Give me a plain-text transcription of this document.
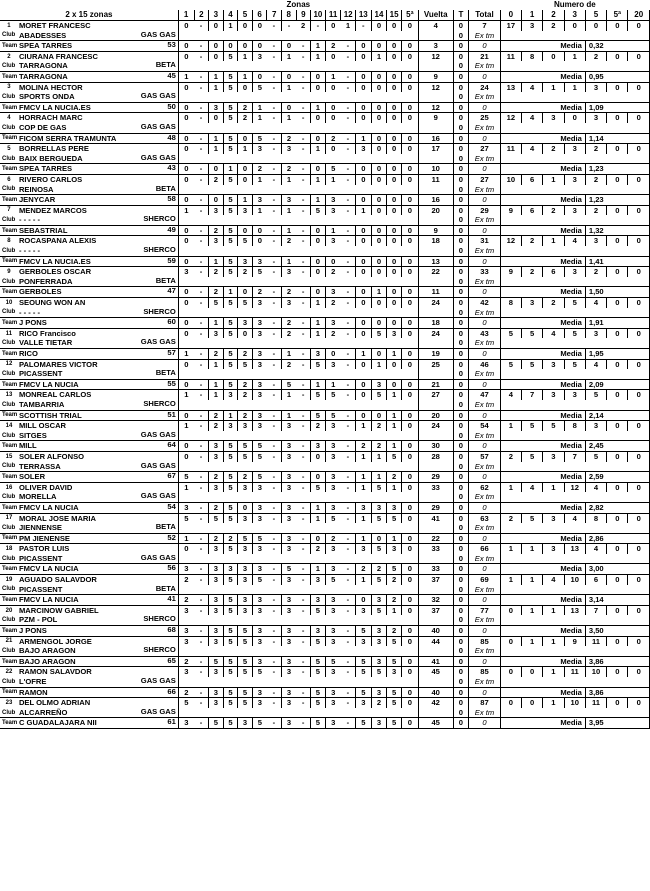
		Zonas																			Numero de						
2 x 15 zonas		1	2	3	4	5	6	7	8	9	10	11	12	13	14	15	5ª	Vuelta	T	Total	0	1	2	3	5	5ª	20
1	MORET FRANCESC	0	-	0	1	0	0	-	-	2	-	0	1	-	0	0	0	4	0	7	17	3	2	0	0	0	0
Club	ABADESSES GAS GAS																		0	Ex tm							
Team	SPEA TARRES 53	0	-	0	0	0	0	-	0	-	1	2	-	0	0	0	0	3	0	0	Media				0,32		
2	CIURANA FRANCESC	0	-	0	5	1	3	-	1	-	1	0	-	0	1	0	0	12	0	21	11	8	0	1	2	0	0
Club	TARRAGONA BETA																		0	Ex tm							
Team	TARRAGONA 45	1	-	1	5	1	0	-	0	-	0	1	-	0	0	0	0	9	0	0	Media				0,95		
3	MOLINA HECTOR	0	-	1	5	0	5	-	1	-	0	0	-	0	0	0	0	12	0	24	13	4	1	1	3	0	0
Club	SPORTS ONDA GAS GAS																		0	Ex tm							
Team	FMCV LA NUCIA.ES 50	0	-	3	5	2	1	-	0	-	1	0	-	0	0	0	0	12	0	0	Media				1,09		
4	HORRACH MARC	0	-	0	5	2	1	-	1	-	0	0	-	0	0	0	0	9	0	25	12	4	3	0	3	0	0
Club	COP DE GAS GAS GAS																		0	Ex tm							
Team	FICOM SERRA TRAMUNTA 48	0	-	1	5	0	5	-	2	-	0	2	-	1	0	0	0	16	0	0	Media				1,14		
5	BORRELLAS PERE	0	-	1	5	1	3	-	3	-	1	0	-	3	0	0	0	17	0	27	11	4	2	3	2	0	0
Club	BAIX BERGUEDA GAS GAS																		0	Ex tm							
Team	SPEA TARRES 43	0	-	0	1	0	2	-	2	-	0	5	-	0	0	0	0	10	0	0	Media				1,23		
6	RIVERO CARLOS	0	-	2	5	0	1	-	1	-	1	1	-	0	0	0	0	11	0	27	10	6	1	3	2	0	0
Club	REINOSA BETA																		0	Ex tm							
Team	JENYCAR 58	0	-	0	5	1	3	-	3	-	1	3	-	0	0	0	0	16	0	0	Media				1,23		
7	MENDEZ MARCOS	1	-	3	5	3	1	-	1	-	5	3	-	1	0	0	0	20	0	29	9	6	2	3	2	0	0
Club	- - - - - SHERCO																		0	Ex tm							
Team	SEBASTRIAL 49	0	-	2	5	0	0	-	1	-	0	1	-	0	0	0	0	9	0	0	Media				1,32		
8	ROCASPANA ALEXIS	0	-	3	5	5	0	-	2	-	0	3	-	0	0	0	0	18	0	31	12	2	1	4	3	0	0
Club	- - - - - SHERCO																		0	Ex tm							
Team	FMCV LA NUCIA.ES 59	0	-	1	5	3	3	-	1	-	0	0	-	0	0	0	0	13	0	0	Media				1,41		
9	GERBOLES OSCAR	3	-	2	5	2	5	-	3	-	0	2	-	0	0	0	0	22	0	33	9	2	6	3	2	0	0
Club	PONFERRADA BETA																		0	Ex tm							
Team	GERBOLES 47	0	-	2	1	0	2	-	2	-	0	3	-	0	1	0	0	11	0	0	Media				1,50		
10	SEOUNG WON AN	0	-	5	5	5	3	-	3	-	1	2	-	0	0	0	0	24	0	42	8	3	2	5	4	0	0
Club	- - - - - SHERCO																		0	Ex tm							
Team	J PONS 60	0	-	1	5	3	3	-	2	-	1	3	-	0	0	0	0	18	0	0	Media				1,91		
11	RICO Francisco	0	-	3	5	0	3	-	2	-	1	2	-	0	5	3	0	24	0	43	5	5	4	5	3	0	0
Club	VALLE TIETAR GAS GAS																		0	Ex tm							
Team	RICO 57	1	-	2	5	2	3	-	1	-	3	0	-	1	0	1	0	19	0	0	Media				1,95		
12	PALOMARES VICTOR	0	-	1	5	5	3	-	2	-	5	3	-	0	1	0	0	25	0	46	5	5	3	5	4	0	0
Club	PICASSENT BETA																		0	Ex tm							
Team	FMCV LA NUCIA 55	0	-	1	5	2	3	-	5	-	1	1	-	0	3	0	0	21	0	0	Media				2,09		
13	MONREAL CARLOS	1	-	1	3	2	3	-	1	-	5	5	-	0	5	1	0	27	0	47	4	7	3	3	5	0	0
Club	TAMBARRIA SHERCO																		0	Ex tm							
Team	SCOTTISH TRIAL 51	0	-	2	1	2	3	-	1	-	5	5	-	0	0	1	0	20	0	0	Media				2,14		
14	MILL OSCAR	1	-	2	3	3	3	-	3	-	2	3	-	1	2	1	0	24	0	54	1	5	5	8	3	0	0
Club	SITGES GAS GAS																		0	Ex tm							
Team	MILL 64	0	-	3	5	5	5	-	3	-	3	3	-	2	2	1	0	30	0	0	Media				2,45		
15	SOLER ALFONSO	0	-	3	5	5	5	-	3	-	0	3	-	1	1	5	0	28	0	57	2	5	3	7	5	0	0
Club	TERRASSA GAS GAS																		0	Ex tm							
Team	SOLER 67	5	-	2	5	2	5	-	3	-	0	3	-	1	1	2	0	29	0	0	Media				2,59		
16	OLIVER DAVID	1	-	3	5	3	3	-	3	-	5	3	-	1	5	1	0	33	0	62	1	4	1	12	4	0	0
Club	MORELLA GAS GAS																		0	Ex tm							
Team	FMCV LA NUCIA 54	3	-	2	5	0	3	-	3	-	1	3	-	3	3	3	0	29	0	0	Media				2,82		
17	MORAL JOSE MARIA	5	-	5	5	3	3	-	3	-	1	5	-	1	5	5	0	41	0	63	2	5	3	4	8	0	0
Club	JIENNENSE BETA																		0	Ex tm							
Team	PM JIENENSE 52	1	-	2	2	5	5	-	3	-	0	2	-	1	0	1	0	22	0	0	Media				2,86		
18	PASTOR LUIS	0	-	3	5	3	3	-	3	-	2	3	-	3	5	3	0	33	0	66	1	1	3	13	4	0	0
Club	PICASSENT GAS GAS																		0	Ex tm							
Team	FMCV LA NUCIA 56	3	-	3	3	3	3	-	5	-	1	3	-	2	2	5	0	33	0	0	Media				3,00		
19	AGUADO SALAVDOR	2	-	3	5	3	5	-	3	-	3	5	-	1	5	2	0	37	0	69	1	1	4	10	6	0	0
Club	PICASSENT BETA																		0	Ex tm							
Team	FMCV LA NUCIA 41	2	-	3	5	3	3	-	3	-	3	3	-	0	3	2	0	32	0	0	Media				3,14		
20	MARCINOW GABRIEL	3	-	3	5	3	3	-	3	-	5	3	-	3	5	1	0	37	0	77	0	1	1	13	7	0	0
Club	PZM - POL SHERCO																		0	Ex tm							
Team	J PONS 68	3	-	3	5	5	3	-	3	-	3	3	-	5	3	2	0	40	0	0	Media				3,50		
21	ARMENGOL JORGE	3	-	3	5	5	3	-	3	-	5	3	-	3	3	5	0	44	0	85	0	1	1	9	11	0	0
Club	BAJO ARAGON SHERCO																		0	Ex tm							
Team	BAJO ARAGON 65	2	-	5	5	5	3	-	3	-	5	5	-	5	3	5	0	41	0	0	Media				3,86		
22	RAMON SALAVDOR	3	-	3	5	5	5	-	3	-	5	3	-	5	5	3	0	45	0	85	0	0	1	11	10	0	0
Club	L'OFRE GAS GAS																		0	Ex tm							
Team	RAMON 66	2	-	3	5	5	3	-	3	-	5	3	-	5	3	5	0	40	0	0	Media				3,86		
23	DEL OLMO ADRIAN	5	-	3	5	5	3	-	3	-	5	3	-	3	2	5	0	42	0	87	0	0	1	10	11	0	0
Club	ALCARREÑO GAS GAS																		0	Ex tm							
Team	C GUADALAJARA NII 61	3	-	5	5	3	5	-	3	-	5	3	-	5	3	5	0	45	0	0	Media				3,95		
